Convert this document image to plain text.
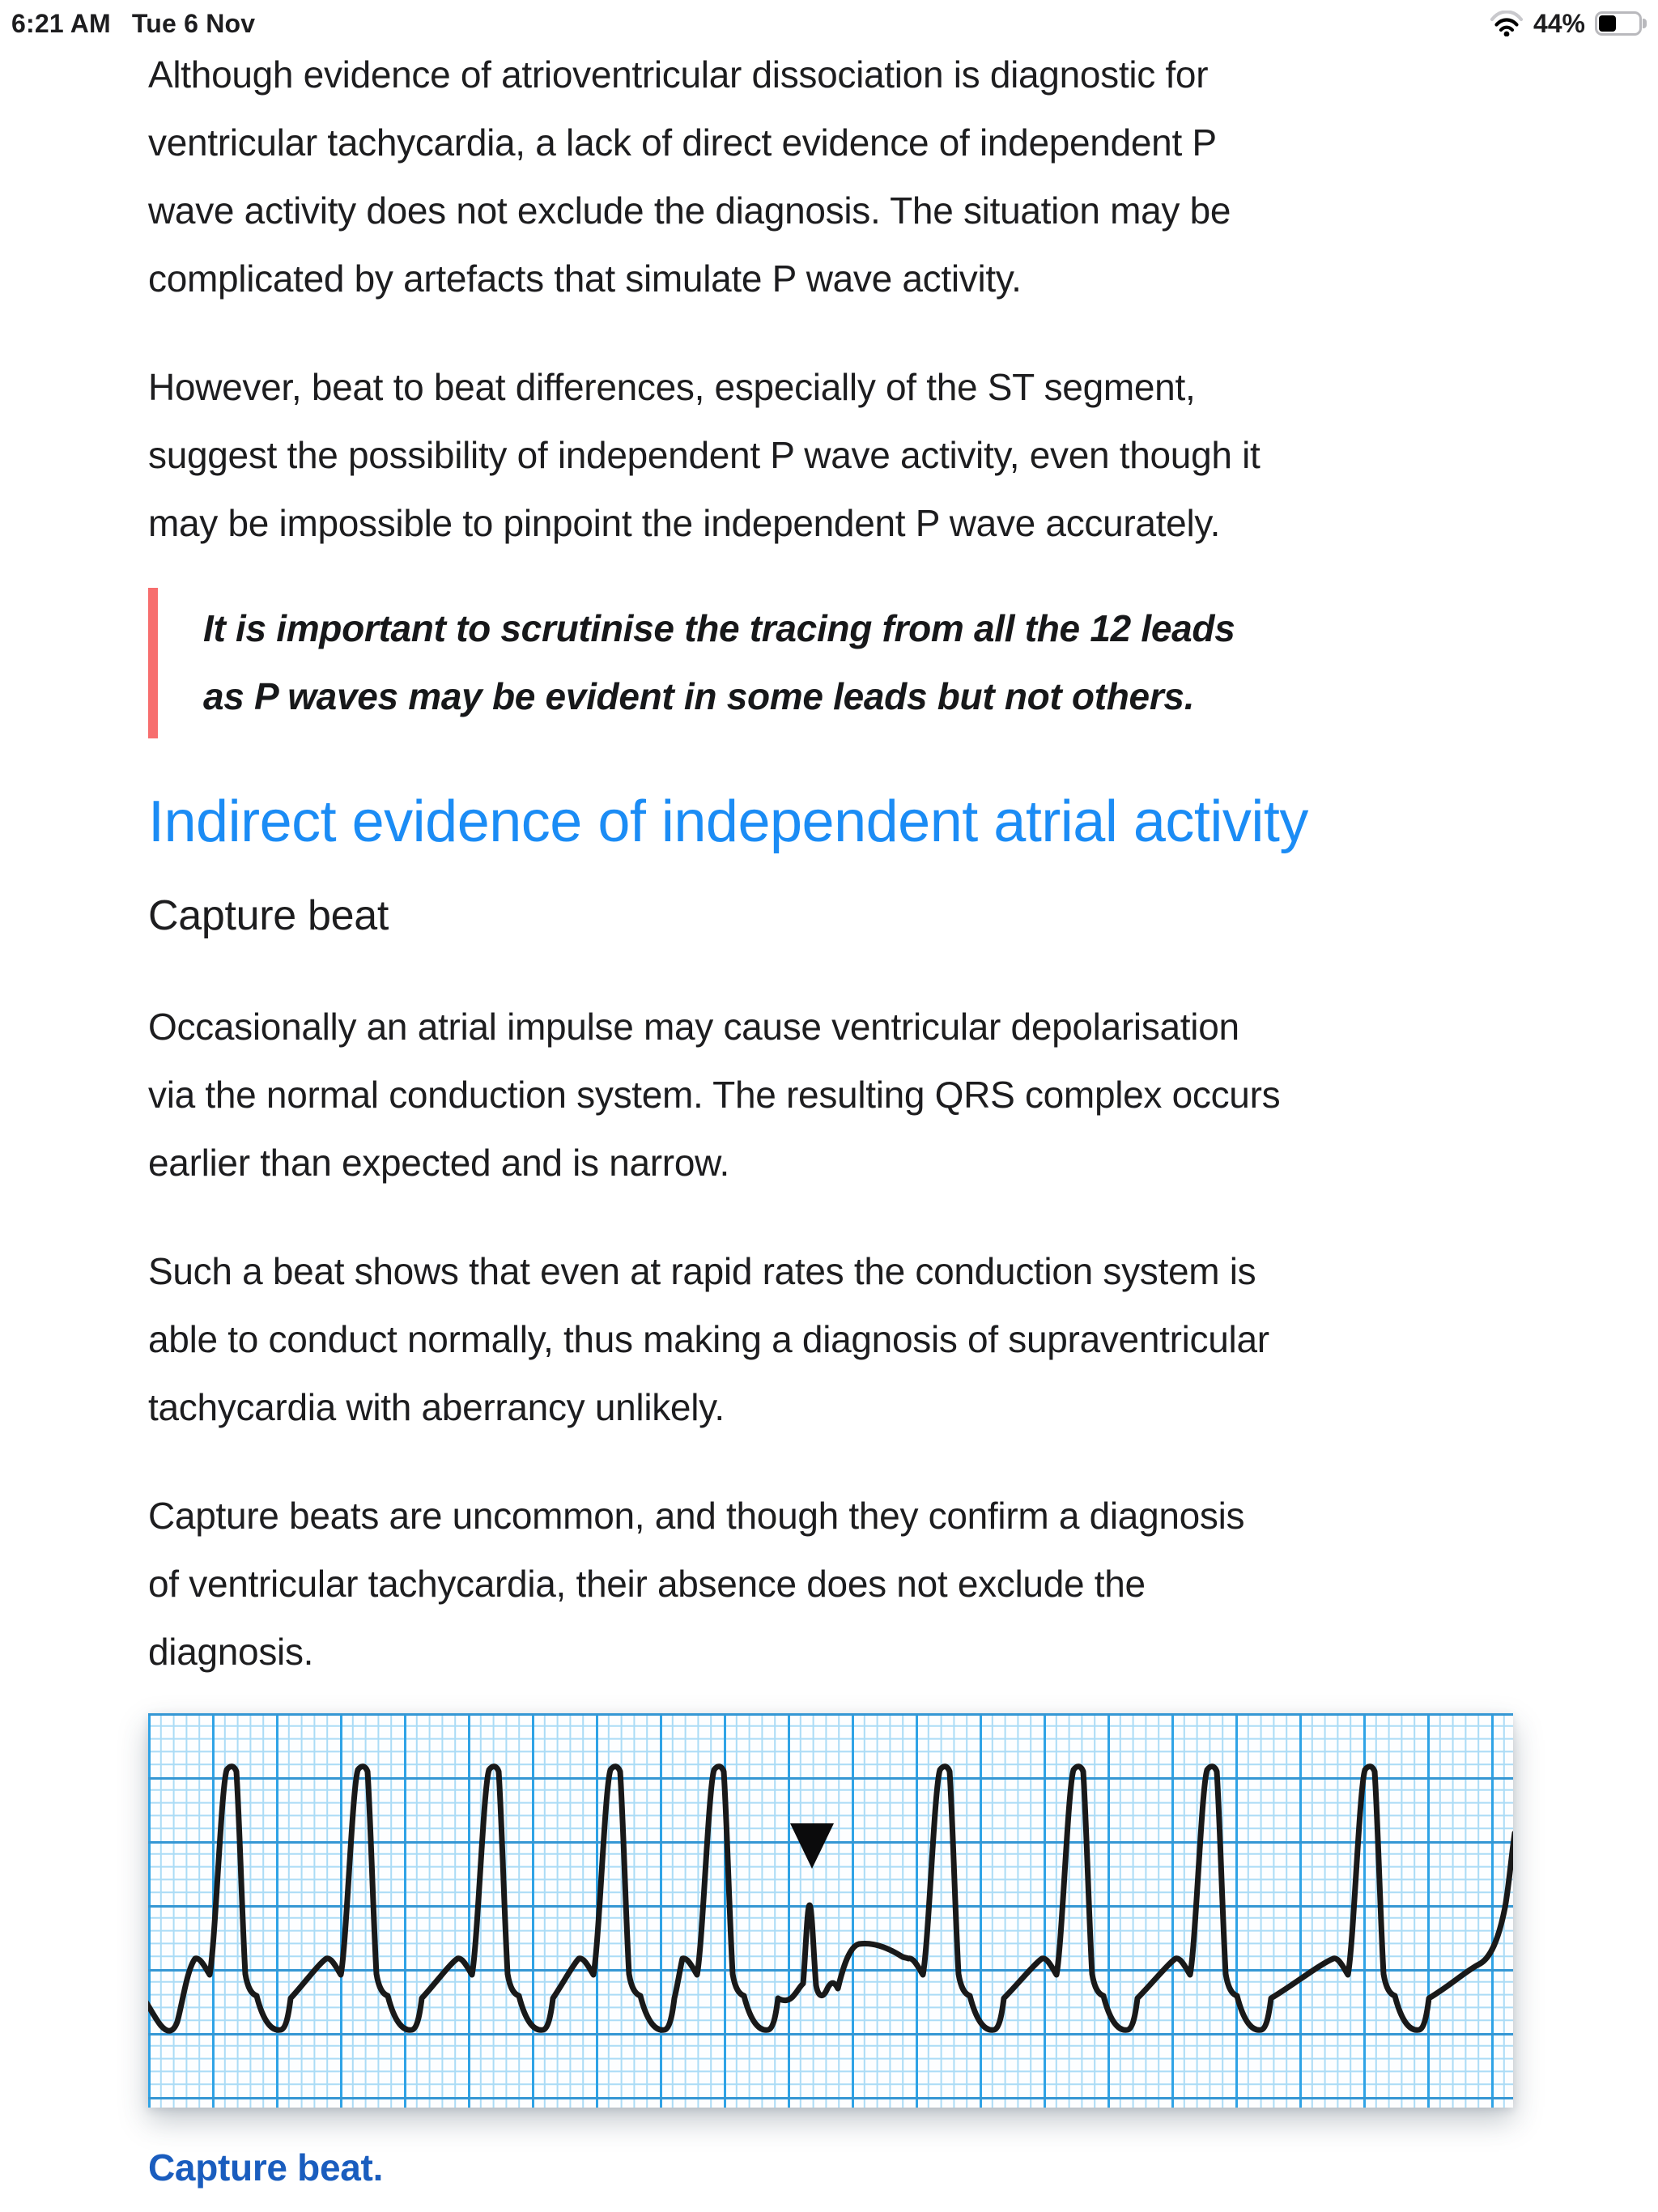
6:21 AM Tue 6 Nov	44%

Although evidence of atrioventricular dissociation is diagnostic for
ventricular tachycardia, a lack of direct evidence of independent P
wave activity does not exclude the diagnosis. The situation may be
complicated by artefacts that simulate P wave activity.

However, beat to beat differences, especially of the ST segment,
suggest the possibility of independent P wave activity, even though it
may be impossible to pinpoint the independent P wave accurately.

It is important to scrutinise the tracing from all the 12 leads
as P waves may be evident in some leads but not others.
Indirect evidence of independent atrial activity
Capture beat

Occasionally an atrial impulse may cause ventricular depolarisation
via the normal conduction system. The resulting QRS complex occurs
earlier than expected and is narrow.

Such a beat shows that even at rapid rates the conduction system is
able to conduct normally, thus making a diagnosis of supraventricular
tachycardia with aberrancy unlikely.

Capture beats are uncommon, and though they confirm a diagnosis
of ventricular tachycardia, their absence does not exclude the
diagnosis.

Capture beat.
